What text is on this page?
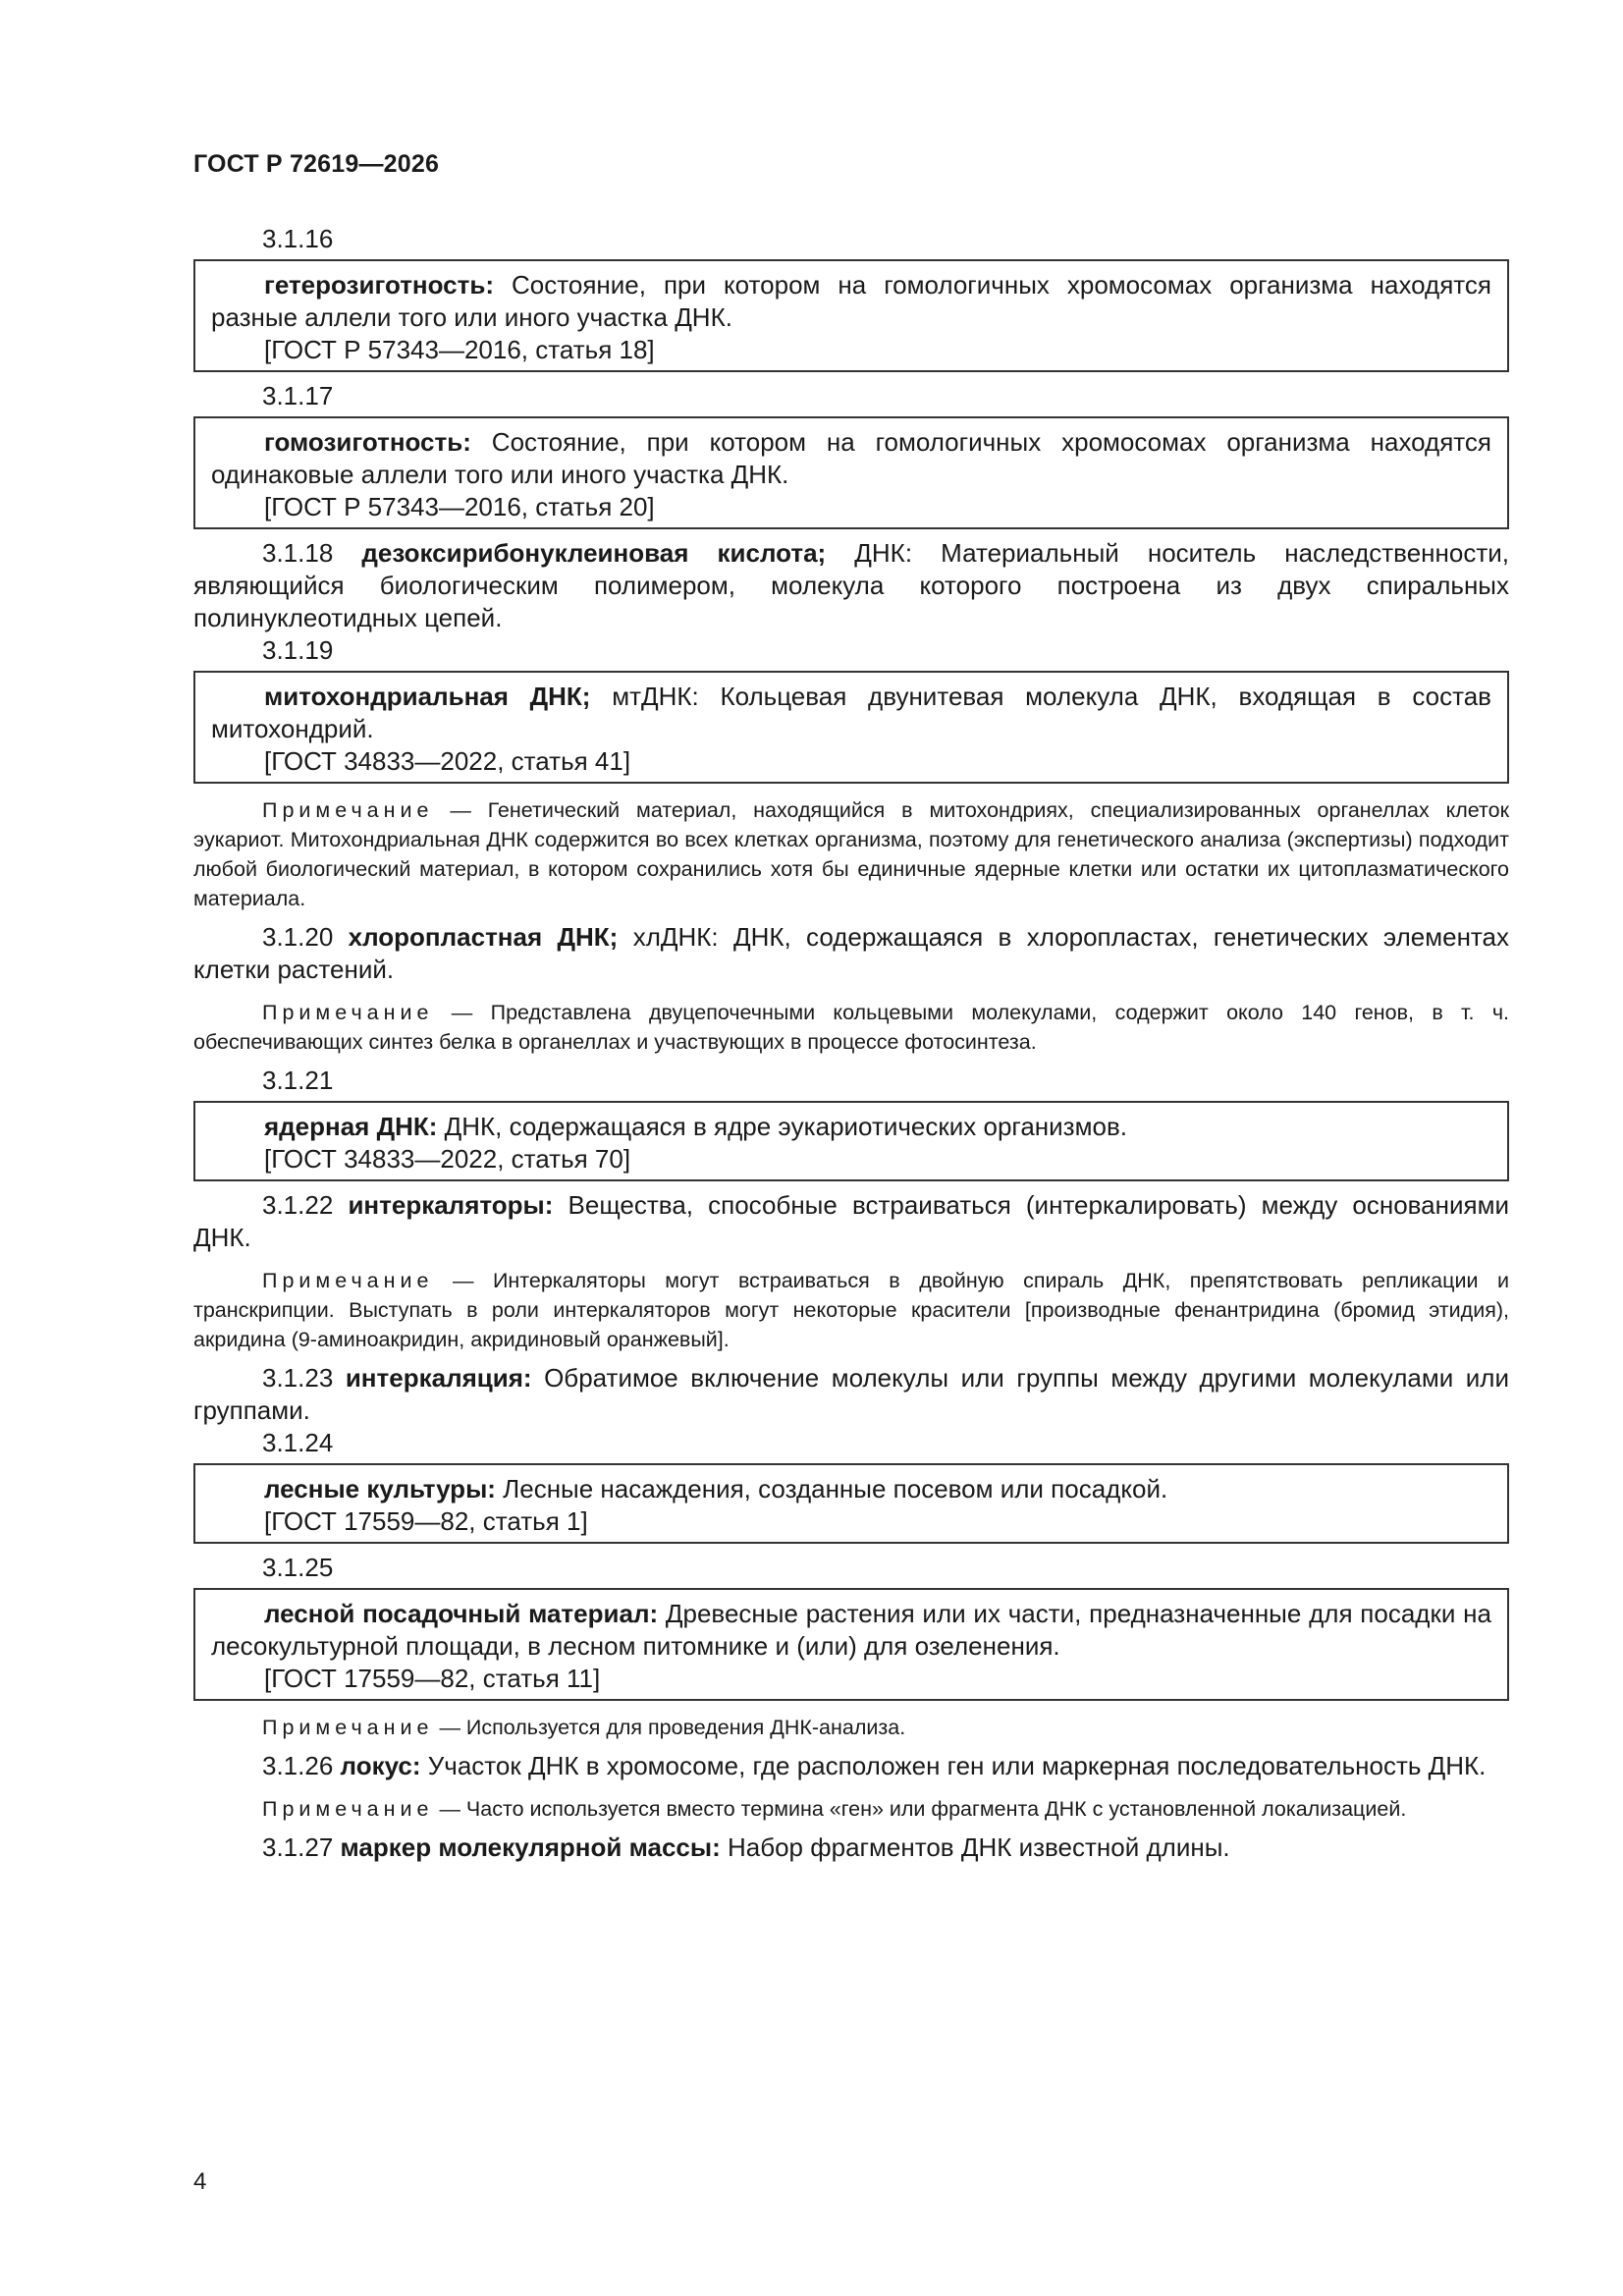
ГОСТ Р 72619—2026
3.1.16
гетерозиготность: Состояние, при котором на гомологичных хромосомах организма находятся разные аллели того или иного участка ДНК.
[ГОСТ Р 57343—2016, статья 18]
3.1.17
гомозиготность: Состояние, при котором на гомологичных хромосомах организма находятся одинаковые аллели того или иного участка ДНК.
[ГОСТ Р 57343—2016, статья 20]
3.1.18 дезоксирибонуклеиновая кислота; ДНК: Материальный носитель наследственности, являющийся биологическим полимером, молекула которого построена из двух спиральных полинуклеотидных цепей.
3.1.19
митохондриальная ДНК; мтДНК: Кольцевая двунитевая молекула ДНК, входящая в состав митохондрий.
[ГОСТ 34833—2022, статья 41]
Примечание — Генетический материал, находящийся в митохондриях, специализированных органеллах клеток эукариот. Митохондриальная ДНК содержится во всех клетках организма, поэтому для генетического анализа (экспертизы) подходит любой биологический материал, в котором сохранились хотя бы единичные ядерные клетки или остатки их цитоплазматического материала.
3.1.20 хлоропластная ДНК; хлДНК: ДНК, содержащаяся в хлоропластах, генетических элементах клетки растений.
Примечание — Представлена двуцепочечными кольцевыми молекулами, содержит около 140 генов, в т. ч. обеспечивающих синтез белка в органеллах и участвующих в процессе фотосинтеза.
3.1.21
ядерная ДНК: ДНК, содержащаяся в ядре эукариотических организмов.
[ГОСТ 34833—2022, статья 70]
3.1.22 интеркаляторы: Вещества, способные встраиваться (интеркалировать) между основаниями ДНК.
Примечание — Интеркаляторы могут встраиваться в двойную спираль ДНК, препятствовать репликации и транскрипции. Выступать в роли интеркаляторов могут некоторые красители [производные фенантридина (бромид этидия), акридина (9-аминоакридин, акридиновый оранжевый].
3.1.23 интеркаляция: Обратимое включение молекулы или группы между другими молекулами или группами.
3.1.24
лесные культуры: Лесные насаждения, созданные посевом или посадкой.
[ГОСТ 17559—82, статья 1]
3.1.25
лесной посадочный материал: Древесные растения или их части, предназначенные для посадки на лесокультурной площади, в лесном питомнике и (или) для озеленения.
[ГОСТ 17559—82, статья 11]
Примечание — Используется для проведения ДНК-анализа.
3.1.26 локус: Участок ДНК в хромосоме, где расположен ген или маркерная последовательность ДНК.
Примечание — Часто используется вместо термина «ген» или фрагмента ДНК с установленной локализацией.
3.1.27 маркер молекулярной массы: Набор фрагментов ДНК известной длины.
4
